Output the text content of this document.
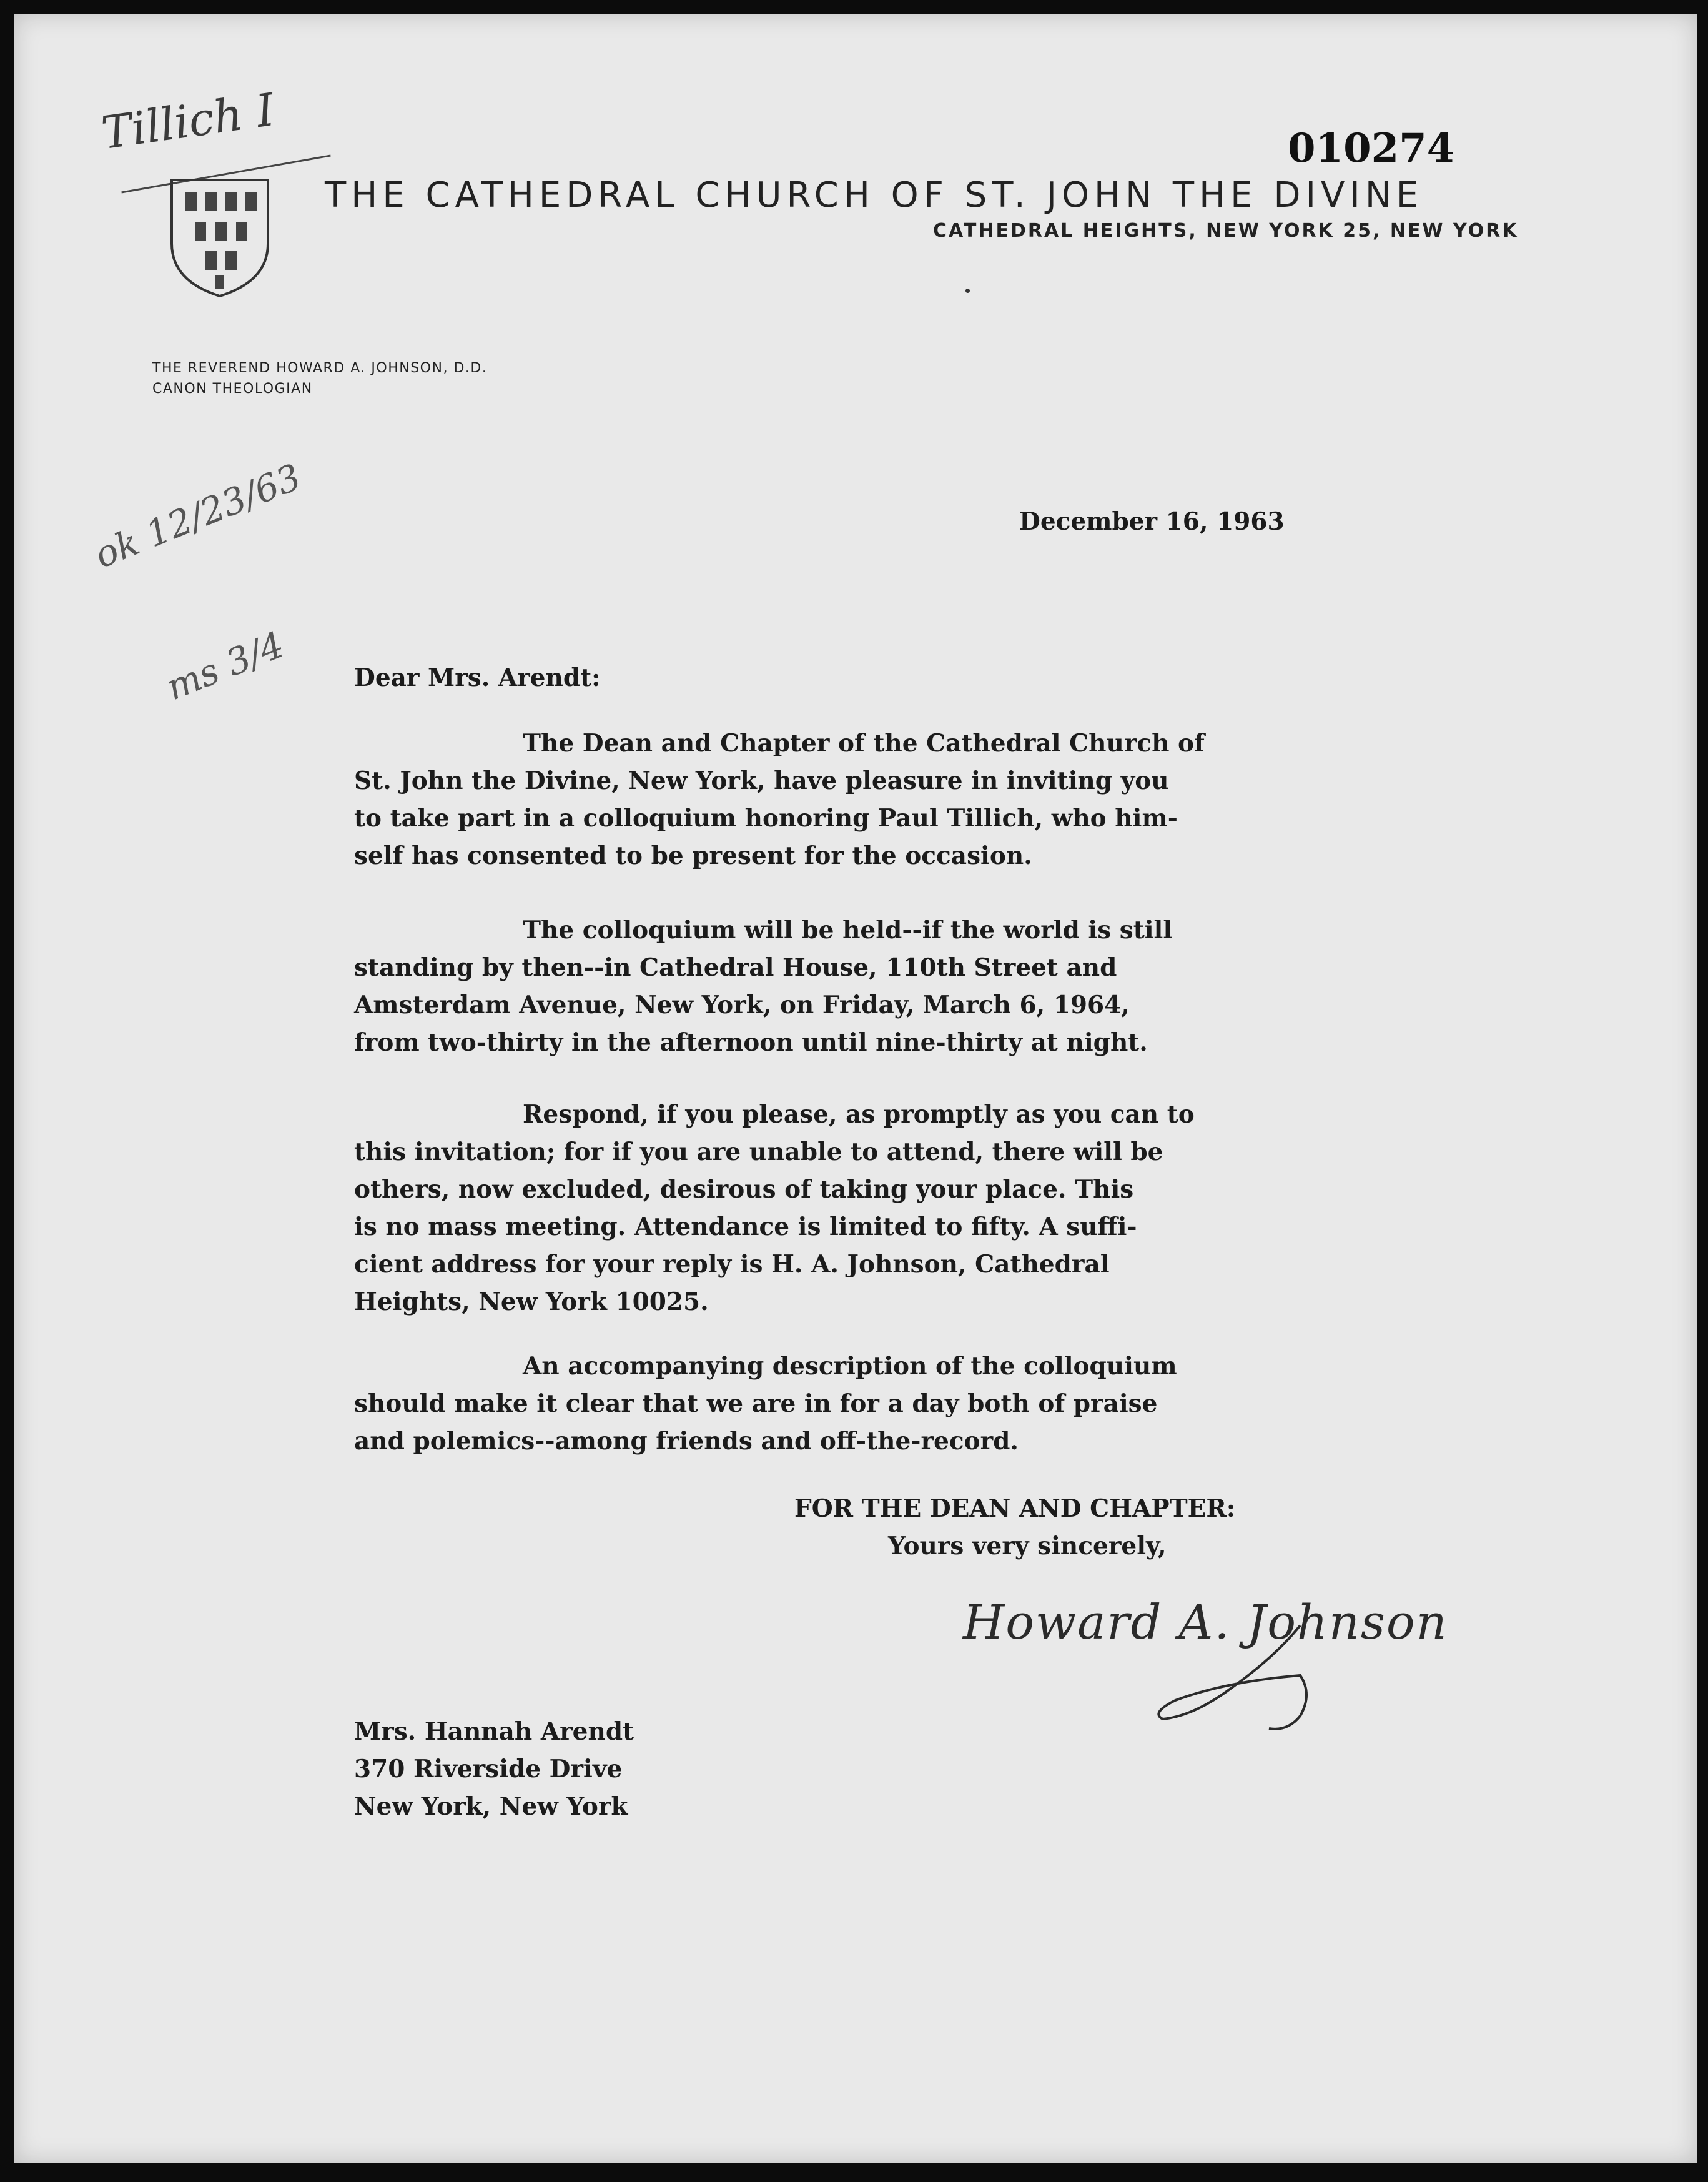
Tillich I	010274
THE CATHEDRAL CHURCH OF ST. JOHN THE DIVINE
CATHEDRAL HEIGHTS, NEW YORK 25, NEW YORK
THE REVEREND HOWARD A. JOHNSON, D.D.
CANON THEOLOGIAN
ok 12/23/63
ms 3/4
December 16, 1963
Dear Mrs. Arendt:
The Dean and Chapter of the Cathedral Church of
St. John the Divine, New York, have pleasure in inviting you
to take part in a colloquium honoring Paul Tillich, who him-
self has consented to be present for the occasion.
The colloquium will be held--if the world is still
standing by then--in Cathedral House, 110th Street and
Amsterdam Avenue, New York, on Friday, March 6, 1964,
from two-thirty in the afternoon until nine-thirty at night.
Respond, if you please, as promptly as you can to
this invitation; for if you are unable to attend, there will be
others, now excluded, desirous of taking your place. This
is no mass meeting. Attendance is limited to fifty. A suffi-
cient address for your reply is H. A. Johnson, Cathedral
Heights, New York 10025.
An accompanying description of the colloquium
should make it clear that we are in for a day both of praise
and polemics--among friends and off-the-record.
FOR THE DEAN AND CHAPTER:
Yours very sincerely,
Howard A. Johnson
Mrs. Hannah Arendt
370 Riverside Drive
New York, New York
